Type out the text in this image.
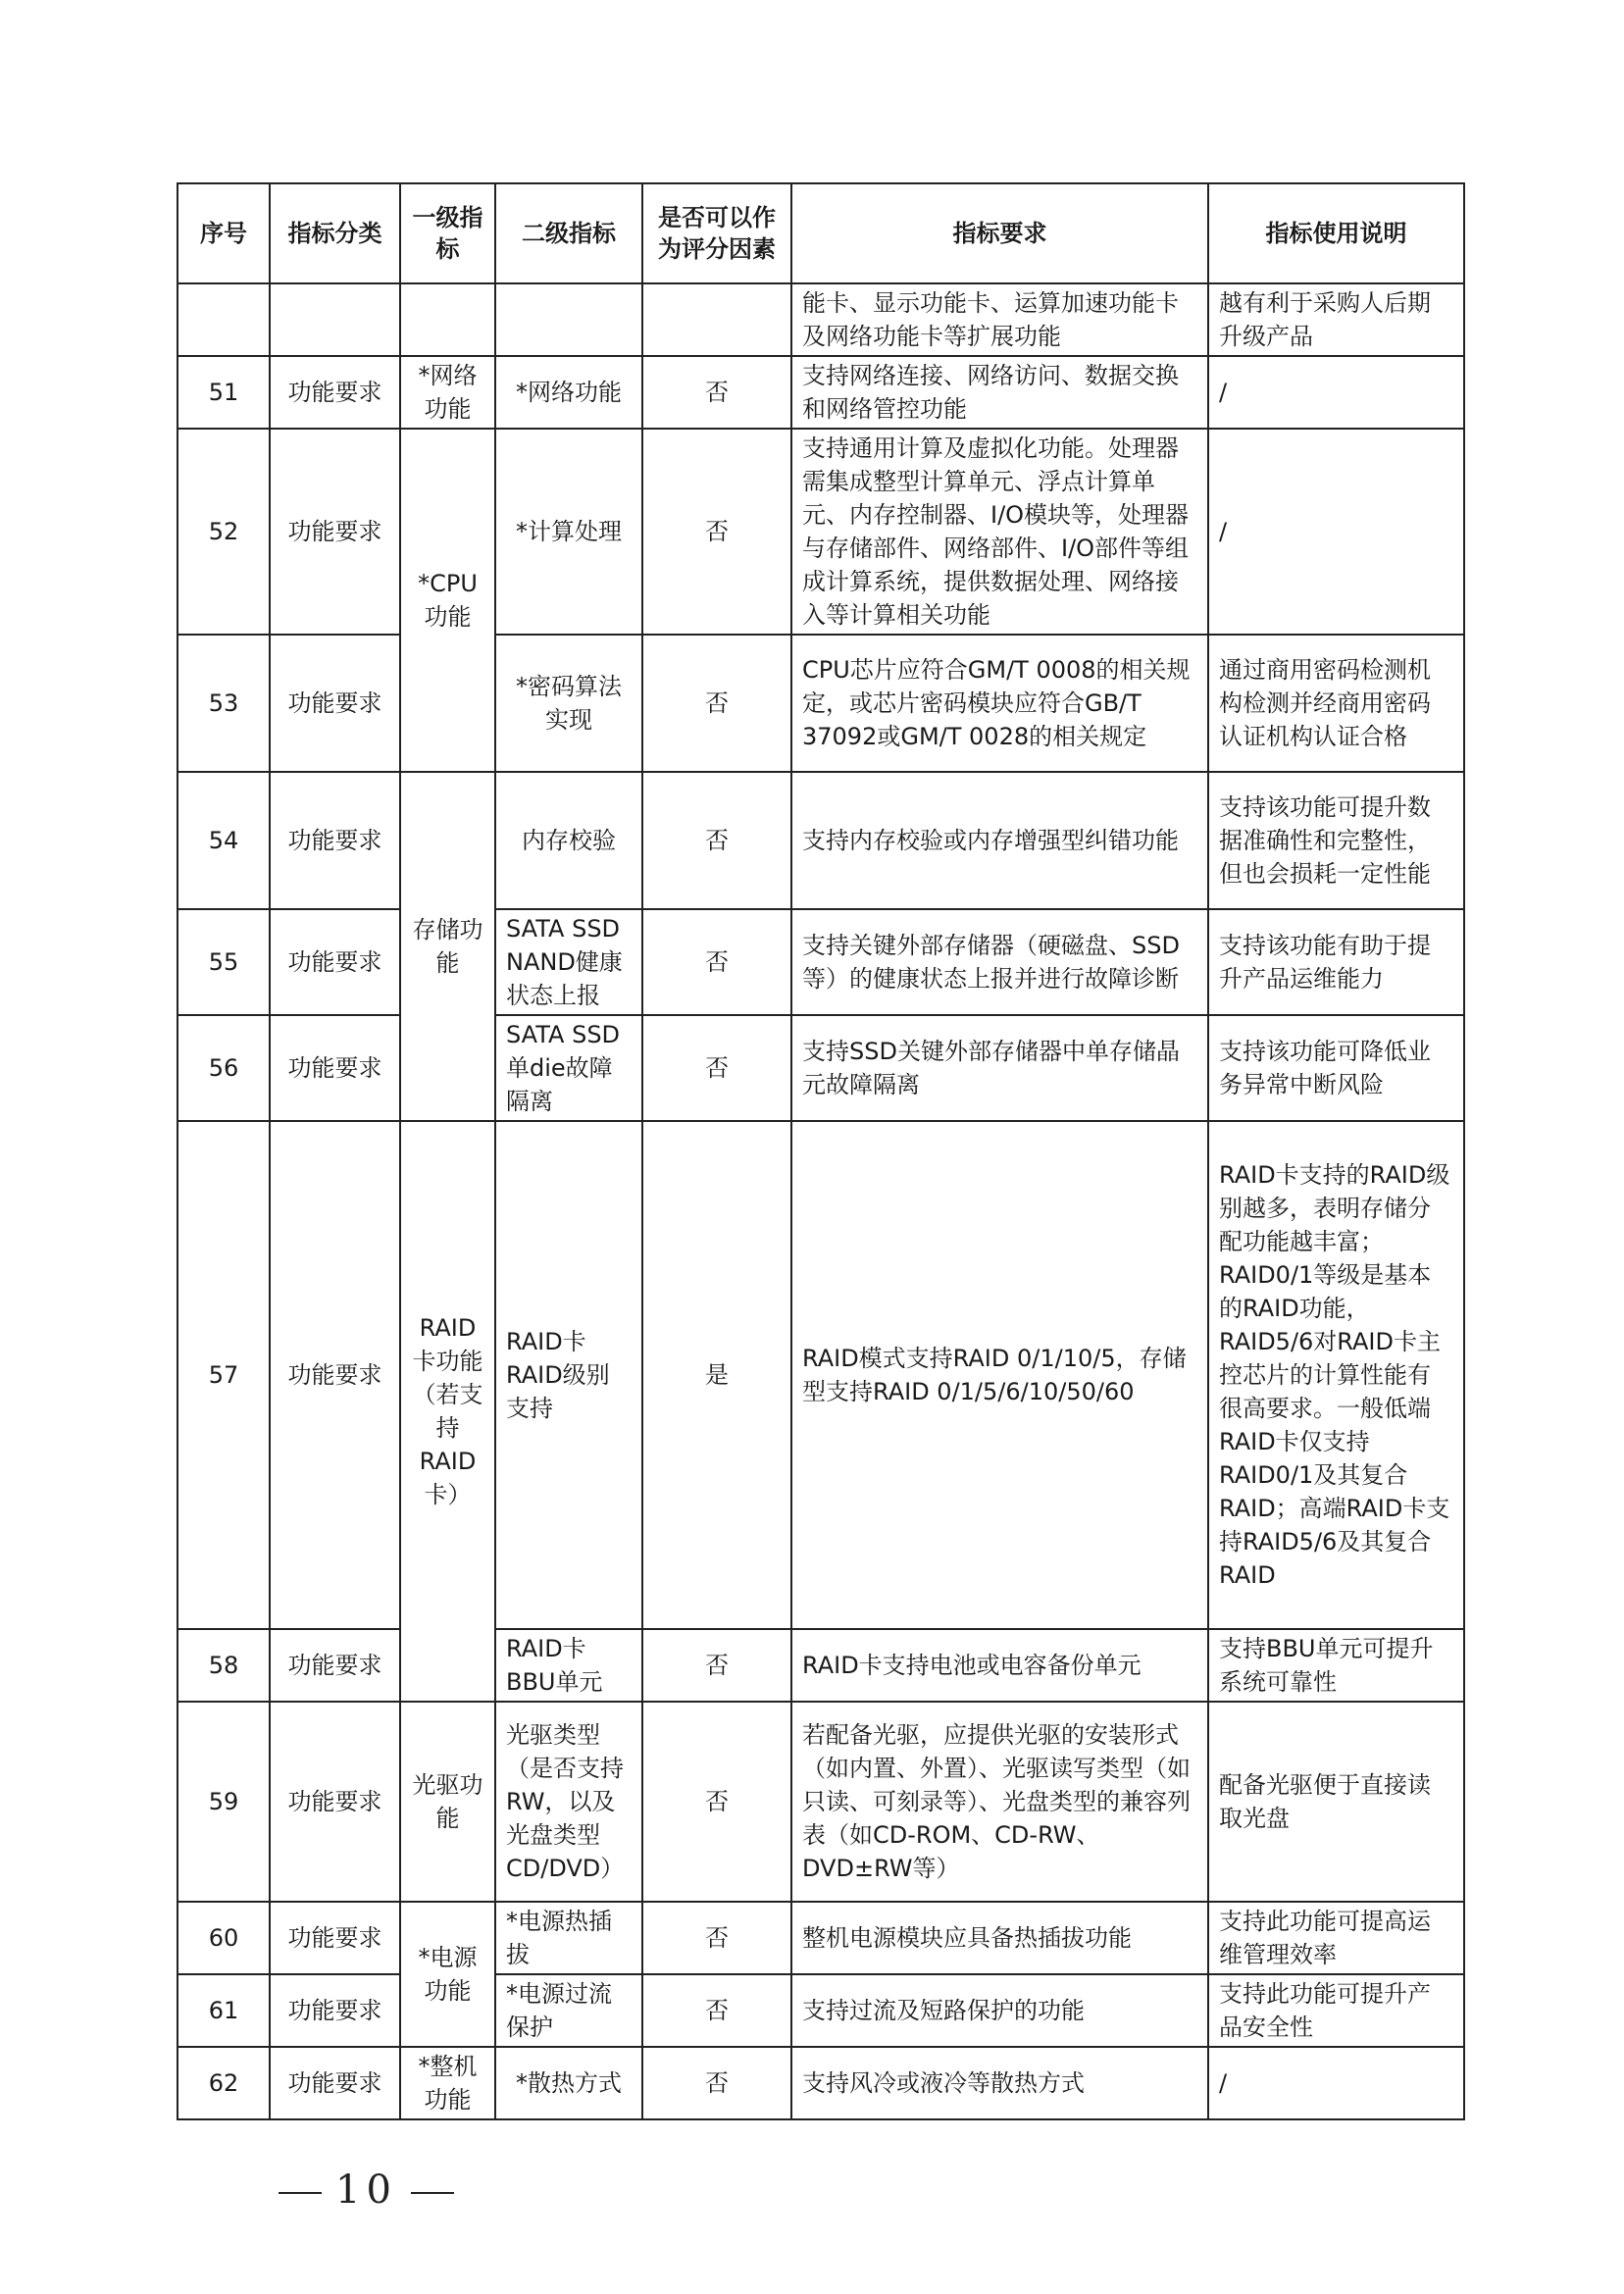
序号	指标分类	一级指标	二级指标	是否可以作为评分因素	指标要求	指标使用说明
					能卡、显示功能卡、运算加速功能卡及网络功能卡等扩展功能	越有利于采购人后期升级产品
51	功能要求	*网络功能	*网络功能	否	支持网络连接、网络访问、数据交换和网络管控功能	/
52	功能要求	*CPU功能	*计算处理	否	支持通用计算及虚拟化功能。处理器需集成整型计算单元、浮点计算单元、内存控制器、I/O模块等，处理器与存储部件、网络部件、I/O部件等组成计算系统，提供数据处理、网络接入等计算相关功能	/
53	功能要求		*密码算法实现	否	CPU芯片应符合GM/T 0008的相关规定，或芯片密码模块应符合GB/T 37092或GM/T 0028的相关规定	通过商用密码检测机构检测并经商用密码认证机构认证合格
54	功能要求	存储功能	内存校验	否	支持内存校验或内存增强型纠错功能	支持该功能可提升数据准确性和完整性，但也会损耗一定性能
55	功能要求		SATA SSD NAND健康状态上报	否	支持关键外部存储器（硬磁盘、SSD等）的健康状态上报并进行故障诊断	支持该功能有助于提升产品运维能力
56	功能要求		SATA SSD 单die故障隔离	否	支持SSD关键外部存储器中单存储晶元故障隔离	支持该功能可降低业务异常中断风险
57	功能要求	RAID卡功能（若支持RAID卡）	RAID卡RAID级别支持	是	RAID模式支持RAID 0/1/10/5，存储型支持RAID 0/1/5/6/10/50/60	RAID卡支持的RAID级别越多，表明存储分配功能越丰富；RAID0/1等级是基本的RAID功能，RAID5/6对RAID卡主控芯片的计算性能有很高要求。一般低端RAID卡仅支持RAID0/1及其复合RAID；高端RAID卡支持RAID5/6及其复合RAID
58	功能要求		RAID卡BBU单元	否	RAID卡支持电池或电容备份单元	支持BBU单元可提升系统可靠性
59	功能要求	光驱功能	光驱类型（是否支持RW，以及光盘类型CD/DVD）	否	若配备光驱，应提供光驱的安装形式（如内置、外置）、光驱读写类型（如只读、可刻录等）、光盘类型的兼容列表（如CD-ROM、CD-RW、DVD±RW等）	配备光驱便于直接读取光盘
60	功能要求	*电源功能	*电源热插拔	否	整机电源模块应具备热插拔功能	支持此功能可提高运维管理效率
61	功能要求		*电源过流保护	否	支持过流及短路保护的功能	支持此功能可提升产品安全性
62	功能要求	*整机功能	*散热方式	否	支持风冷或液冷等散热方式	/
10
